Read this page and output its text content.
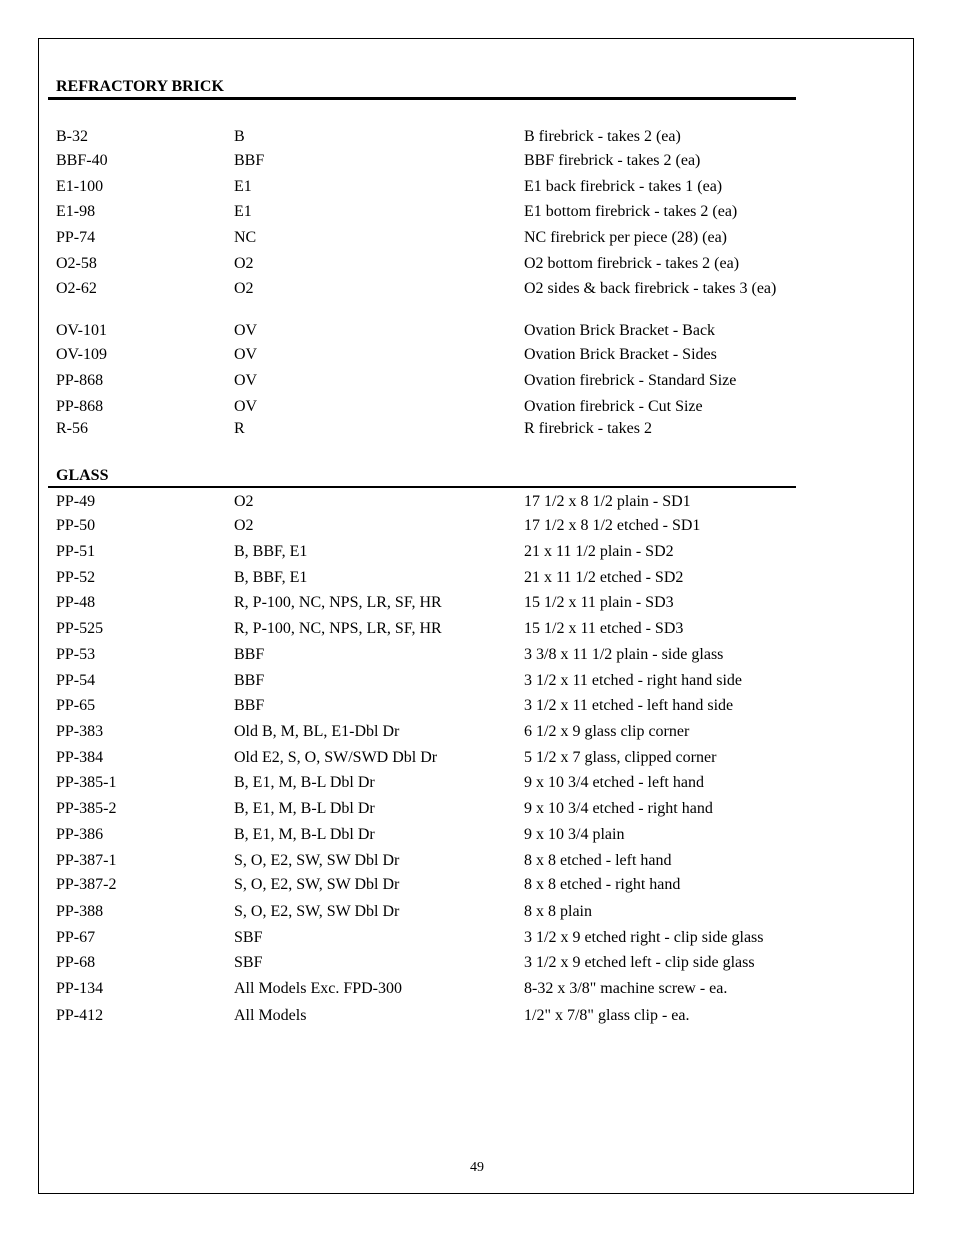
REFRACTORY BRICK
B-32	B	B firebrick - takes 2 (ea)
BBF-40	BBF	BBF firebrick - takes 2 (ea)
E1-100	E1	E1 back firebrick - takes 1 (ea)
E1-98	E1	E1 bottom firebrick - takes 2 (ea)
PP-74	NC	NC firebrick per piece (28) (ea)
O2-58	O2	O2 bottom firebrick - takes 2 (ea)
O2-62	O2	O2 sides & back firebrick - takes 3 (ea)
OV-101	OV	Ovation Brick Bracket - Back
OV-109	OV	Ovation Brick Bracket - Sides
PP-868	OV	Ovation firebrick - Standard Size
PP-868	OV	Ovation firebrick - Cut Size
R-56	R	R firebrick - takes 2
GLASS
PP-49	O2	17 1/2 x 8 1/2 plain - SD1
PP-50	O2	17 1/2 x 8 1/2 etched - SD1
PP-51	B, BBF, E1	21 x 11 1/2 plain - SD2
PP-52	B, BBF, E1	21 x 11 1/2 etched - SD2
PP-48	R, P-100, NC, NPS, LR, SF, HR	15 1/2 x 11 plain - SD3
PP-525	R, P-100, NC, NPS, LR, SF, HR	15 1/2 x 11 etched - SD3
PP-53	BBF	3 3/8 x 11 1/2 plain - side glass
PP-54	BBF	3 1/2 x 11 etched - right hand side
PP-65	BBF	3 1/2 x 11 etched - left hand side
PP-383	Old B, M, BL, E1-Dbl Dr	6 1/2 x 9 glass clip corner
PP-384	Old E2, S, O, SW/SWD Dbl Dr	5 1/2 x 7 glass, clipped corner
PP-385-1	B, E1, M, B-L Dbl Dr	9 x 10 3/4 etched - left hand
PP-385-2	B, E1, M, B-L Dbl Dr	9 x 10 3/4 etched - right hand
PP-386	B, E1, M, B-L Dbl Dr	9 x 10 3/4 plain
PP-387-1	S, O, E2, SW, SW Dbl Dr	8 x 8 etched - left hand
PP-387-2	S, O, E2, SW, SW Dbl Dr	8 x 8 etched - right hand
PP-388	S, O, E2, SW, SW Dbl Dr	8 x 8 plain
PP-67	SBF	3 1/2 x 9 etched right - clip side glass
PP-68	SBF	3 1/2 x 9 etched left - clip side glass
PP-134	All Models Exc. FPD-300	8-32 x 3/8" machine screw - ea.
PP-412	All Models	1/2" x 7/8" glass clip - ea.
49
